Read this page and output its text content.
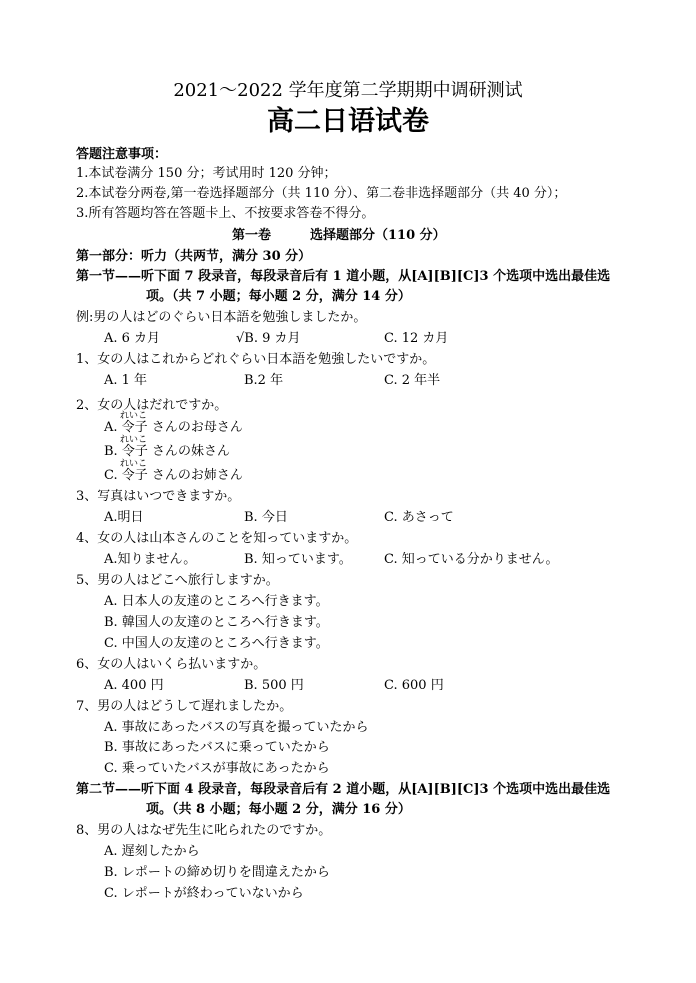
2021～2022 学年度第二学期期中调研测试
高二日语试卷
答题注意事项：
1.本试卷满分 150 分；考试用时 120 分钟；
2.本试卷分两卷,第一卷选择题部分（共 110 分）、第二卷非选择题部分（共 40 分）；
3.所有答题均答在答题卡上、不按要求答卷不得分。
第一卷	选择题部分（110 分）
第一部分：听力（共两节，满分 30 分）
第一节——听下面 7 段录音，每段录音后有 1 道小题，从[A][B][C]3 个选项中选出最佳选
项。（共 7 小题；每小题 2 分，满分 14 分）
例:男の人はどのぐらい日本語を勉強しましたか。
A. 6 カ月	√B. 9 カ月	C. 12 カ月
1、女の人はこれからどれぐらい日本語を勉強したいですか。
A. 1 年	B.2 年	C. 2 年半
2、女の人はだれですか。
れいこ
A. 令子 さんのお母さん
れいこ
B. 令子 さんの妹さん
れいこ
C. 令子 さんのお姉さん
3、写真はいつできますか。
A.明日	B. 今日	C. あさって
4、女の人は山本さんのことを知っていますか。
A.知りません。	B. 知っています。 C. 知っている分かりません。
5、男の人はどこへ旅行しますか。
A. 日本人の友達のところへ行きます。
B. 韓国人の友達のところへ行きます。
C. 中国人の友達のところへ行きます。
6、女の人はいくら払いますか。
A. 400 円	B. 500 円	C. 600 円
7、男の人はどうして遅れましたか。
A. 事故にあったバスの写真を撮っていたから
B. 事故にあったバスに乗っていたから
C. 乗っていたバスが事故にあったから
第二节——听下面 4 段录音，每段录音后有 2 道小题，从[A][B][C]3 个选项中选出最佳选
项。（共 8 小题；每小题 2 分，满分 16 分）
8、男の人はなぜ先生に叱られたのですか。
A. 遅刻したから
B. レポートの締め切りを間違えたから
C. レポートが終わっていないから
